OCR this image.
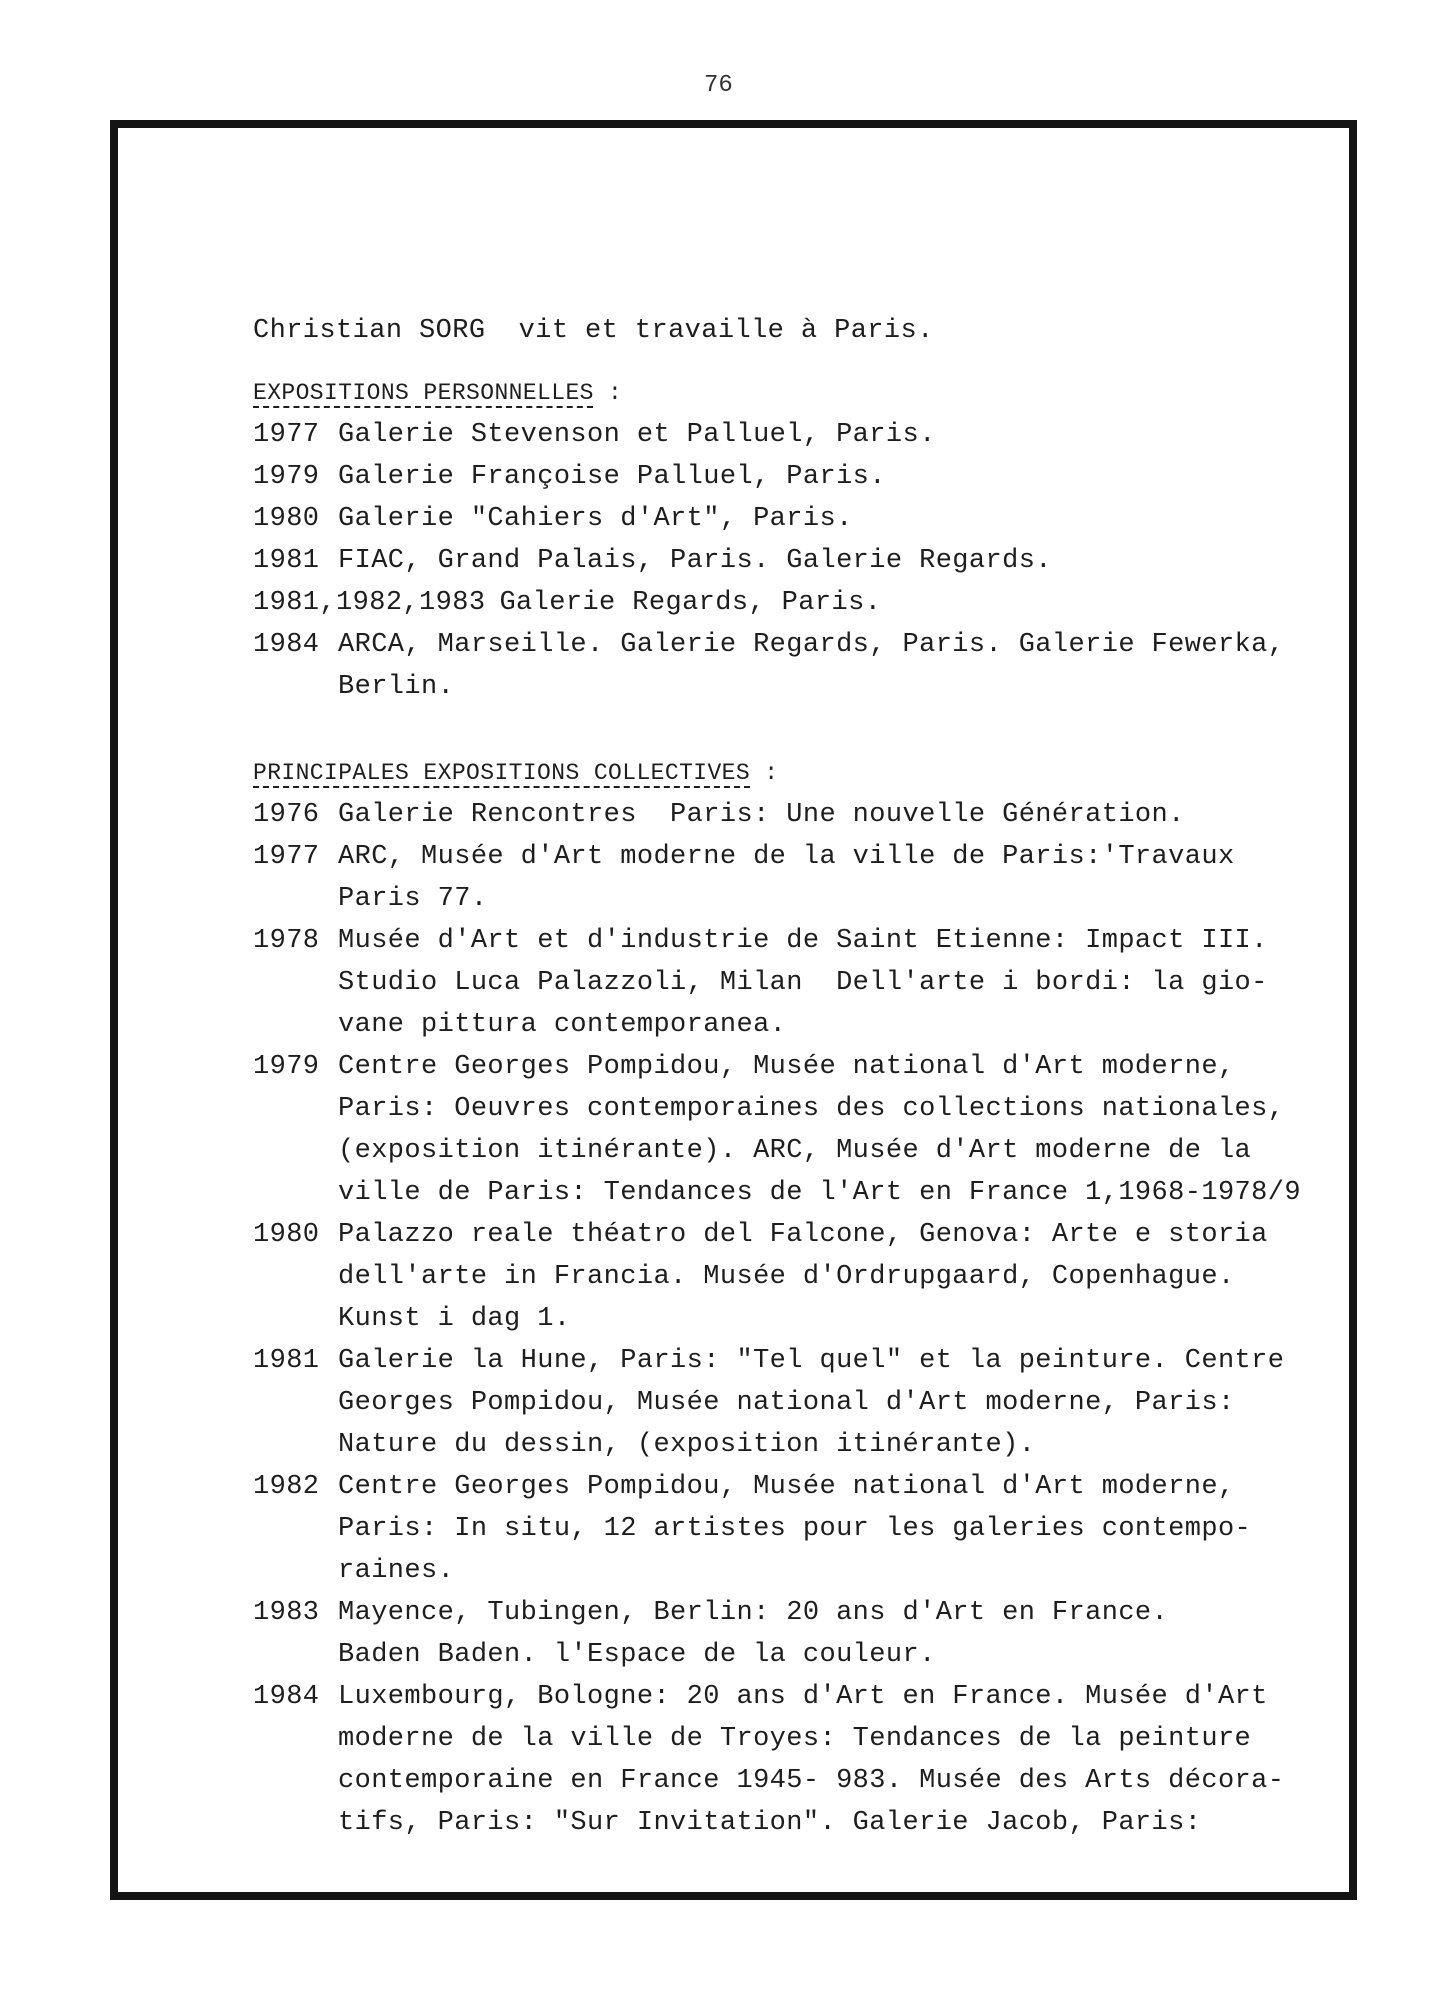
76
Christian SORG  vit et travaille à Paris.
EXPOSITIONS PERSONNELLES :
1977 Galerie Stevenson et Palluel, Paris.
1979 Galerie Françoise Palluel, Paris.
1980 Galerie "Cahiers d'Art", Paris.
1981 FIAC, Grand Palais, Paris. Galerie Regards.
1981,1982,1983 Galerie Regards, Paris.
1984 ARCA, Marseille. Galerie Regards, Paris. Galerie Fewerka,
Berlin.
PRINCIPALES EXPOSITIONS COLLECTIVES :
1976 Galerie Rencontres  Paris: Une nouvelle Génération.
1977 ARC, Musée d'Art moderne de la ville de Paris:'Travaux
Paris 77.
1978 Musée d'Art et d'industrie de Saint Etienne: Impact III.
Studio Luca Palazzoli, Milan  Dell'arte i bordi: la gio-
vane pittura contemporanea.
1979 Centre Georges Pompidou, Musée national d'Art moderne,
Paris: Oeuvres contemporaines des collections nationales,
(exposition itinérante). ARC, Musée d'Art moderne de la
ville de Paris: Tendances de l'Art en France 1,1968-1978/9
1980 Palazzo reale théatro del Falcone, Genova: Arte e storia
dell'arte in Francia. Musée d'Ordrupgaard, Copenhague.
Kunst i dag 1.
1981 Galerie la Hune, Paris: "Tel quel" et la peinture. Centre
Georges Pompidou, Musée national d'Art moderne, Paris:
Nature du dessin, (exposition itinérante).
1982 Centre Georges Pompidou, Musée national d'Art moderne,
Paris: In situ, 12 artistes pour les galeries contempo-
raines.
1983 Mayence, Tubingen, Berlin: 20 ans d'Art en France.
Baden Baden. l'Espace de la couleur.
1984 Luxembourg, Bologne: 20 ans d'Art en France. Musée d'Art
moderne de la ville de Troyes: Tendances de la peinture
contemporaine en France 1945- 983. Musée des Arts décora-
tifs, Paris: "Sur Invitation". Galerie Jacob, Paris:
